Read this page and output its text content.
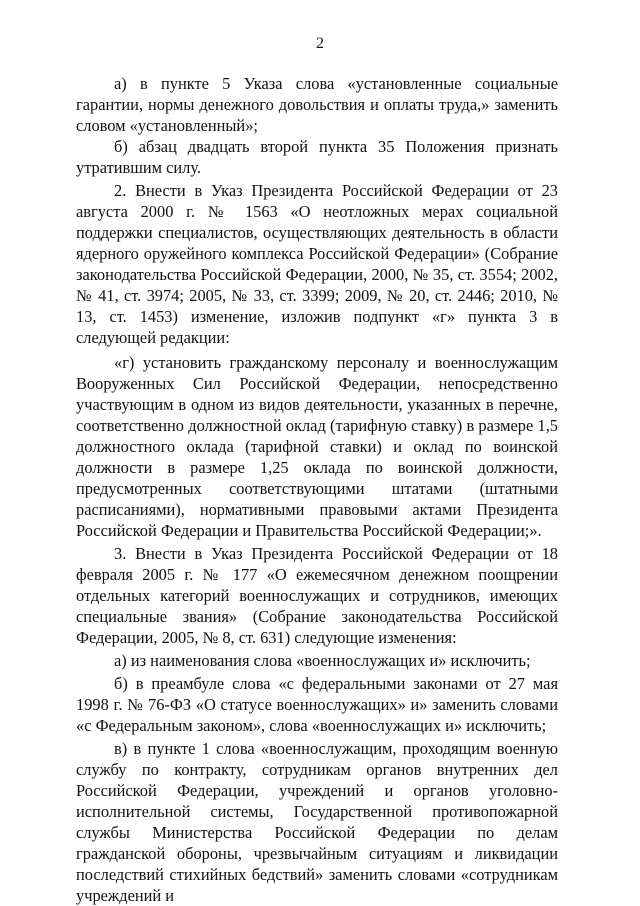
2

а) в пункте 5 Указа слова «установленные социальные гарантии, нормы денежного довольствия и оплаты труда,» заменить словом «установленный»;

б) абзац двадцать второй пункта 35 Положения признать утратившим силу.

2. Внести в Указ Президента Российской Федерации от 23 августа 2000 г. № 1563 «О неотложных мерах социальной поддержки специалистов, осуществляющих деятельность в области ядерного оружейного комплекса Российской Федерации» (Собрание законодательства Российской Федерации, 2000, № 35, ст. 3554; 2002, № 41, ст. 3974; 2005, № 33, ст. 3399; 2009, № 20, ст. 2446; 2010, № 13, ст. 1453) изменение, изложив подпункт «г» пункта 3 в следующей редакции:

«г) установить гражданскому персоналу и военнослужащим Вооруженных Сил Российской Федерации, непосредственно участвующим в одном из видов деятельности, указанных в перечне, соответственно должностной оклад (тарифную ставку) в размере 1,5 должностного оклада (тарифной ставки) и оклад по воинской должности в размере 1,25 оклада по воинской должности, предусмотренных соответствующими штатами (штатными расписаниями), нормативными правовыми актами Президента Российской Федерации и Правительства Российской Федерации;».

3. Внести в Указ Президента Российской Федерации от 18 февраля 2005 г. № 177 «О ежемесячном денежном поощрении отдельных категорий военнослужащих и сотрудников, имеющих специальные звания» (Собрание законодательства Российской Федерации, 2005, № 8, ст. 631) следующие изменения:

а) из наименования слова «военнослужащих и» исключить;

б) в преамбуле слова «с федеральными законами от 27 мая 1998 г. № 76-ФЗ «О статусе военнослужащих» и» заменить словами «с Федеральным законом», слова «военнослужащих и» исключить;

в) в пункте 1 слова «военнослужащим, проходящим военную службу по контракту, сотрудникам органов внутренних дел Российской Федерации, учреждений и органов уголовно-исполнительной системы, Государственной противопожарной службы Министерства Российской Федерации по делам гражданской обороны, чрезвычайным ситуациям и ликвидации последствий стихийных бедствий» заменить словами «сотрудникам учреждений и
